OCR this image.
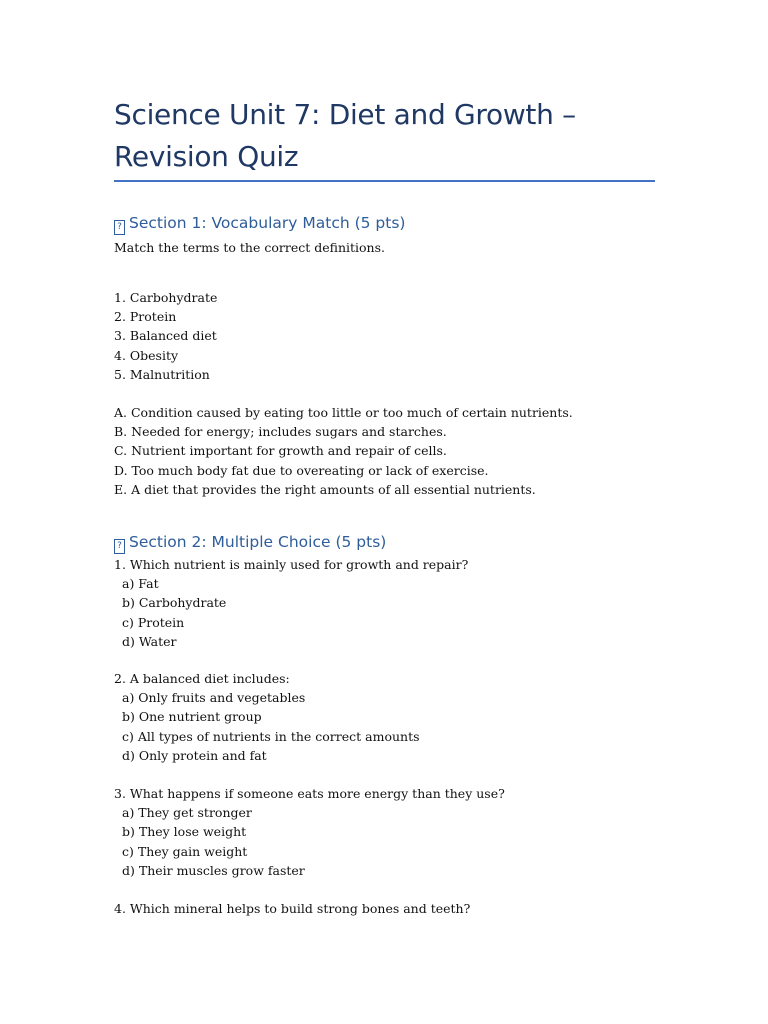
Science Unit 7: Diet and Growth – Revision Quiz
? Section 1: Vocabulary Match (5 pts)
Match the terms to the correct definitions.
1. Carbohydrate
2. Protein
3. Balanced diet
4. Obesity
5. Malnutrition
A. Condition caused by eating too little or too much of certain nutrients.
B. Needed for energy; includes sugars and starches.
C. Nutrient important for growth and repair of cells.
D. Too much body fat due to overeating or lack of exercise.
E. A diet that provides the right amounts of all essential nutrients.
? Section 2: Multiple Choice (5 pts)
1. Which nutrient is mainly used for growth and repair?
a) Fat
b) Carbohydrate
c) Protein
d) Water
2. A balanced diet includes:
a) Only fruits and vegetables
b) One nutrient group
c) All types of nutrients in the correct amounts
d) Only protein and fat
3. What happens if someone eats more energy than they use?
a) They get stronger
b) They lose weight
c) They gain weight
d) Their muscles grow faster
4. Which mineral helps to build strong bones and teeth?
